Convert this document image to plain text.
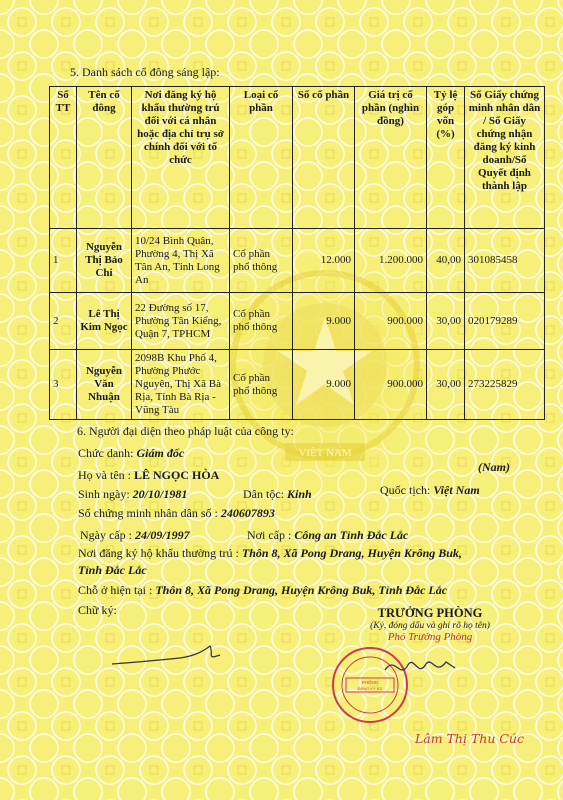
VIỆT NAM
5. Danh sách cổ đông sáng lập:
Số TT	Tên cổ đông	Nơi đăng ký hộ khẩu thường trú đối với cá nhân hoặc địa chỉ trụ sở chính đối với tổ chức	Loại cổ phần	Số cổ phần	Giá trị cổ phần (nghìn đồng)	Tỷ lệ góp vốn (%)	Số Giấy chứng minh nhân dân / Số Giấy chứng nhận đăng ký kinh doanh/Số Quyết định thành lập
1	Nguyễn Thị Bảo Chi	10/24 Bình Quân, Phường 4, Thị Xã Tân An, Tỉnh Long An	Cổ phần phổ thông	12.000	1.200.000	40,00	301085458
2	Lê Thị Kim Ngọc	22 Đường số 17, Phường Tân Kiểng, Quận 7, TPHCM	Cổ phần phổ thông	9.000	900.000	30,00	020179289
3	Nguyễn Văn Nhuận	2098B Khu Phố 4, Phường Phước Nguyên, Thị Xã Bà Rịa, Tỉnh Bà Rịa - Vũng Tàu	Cổ phần phổ thông	9.000	900.000	30,00	273225829
6. Người đại diện theo pháp luật của công ty:
Chức danh: Giám đốc
Họ và tên : LÊ NGỌC HÒA
(Nam)
Sinh ngày: 20/10/1981	Dân tộc: Kinh	Quốc tịch: Việt Nam
Số chứng minh nhân dân số : 240607893
Ngày cấp : 24/09/1997	Nơi cấp : Công an Tỉnh Đắc Lắc
Nơi đăng ký hộ khẩu thường trú : Thôn 8, Xã Pong Drang, Huyện Krông Buk,
Tỉnh Đắc Lắc
Chỗ ở hiện tại : Thôn 8, Xã Pong Drang, Huyện Krông Buk, Tỉnh Đắc Lắc
Chữ ký:	TRƯỞNG PHÒNG
(Ký, đóng dấu và ghi rõ họ tên)
Phó Trưởng Phòng
PHÒNG
ĐĂNG KÝ KD
Lâm Thị Thu Cúc
